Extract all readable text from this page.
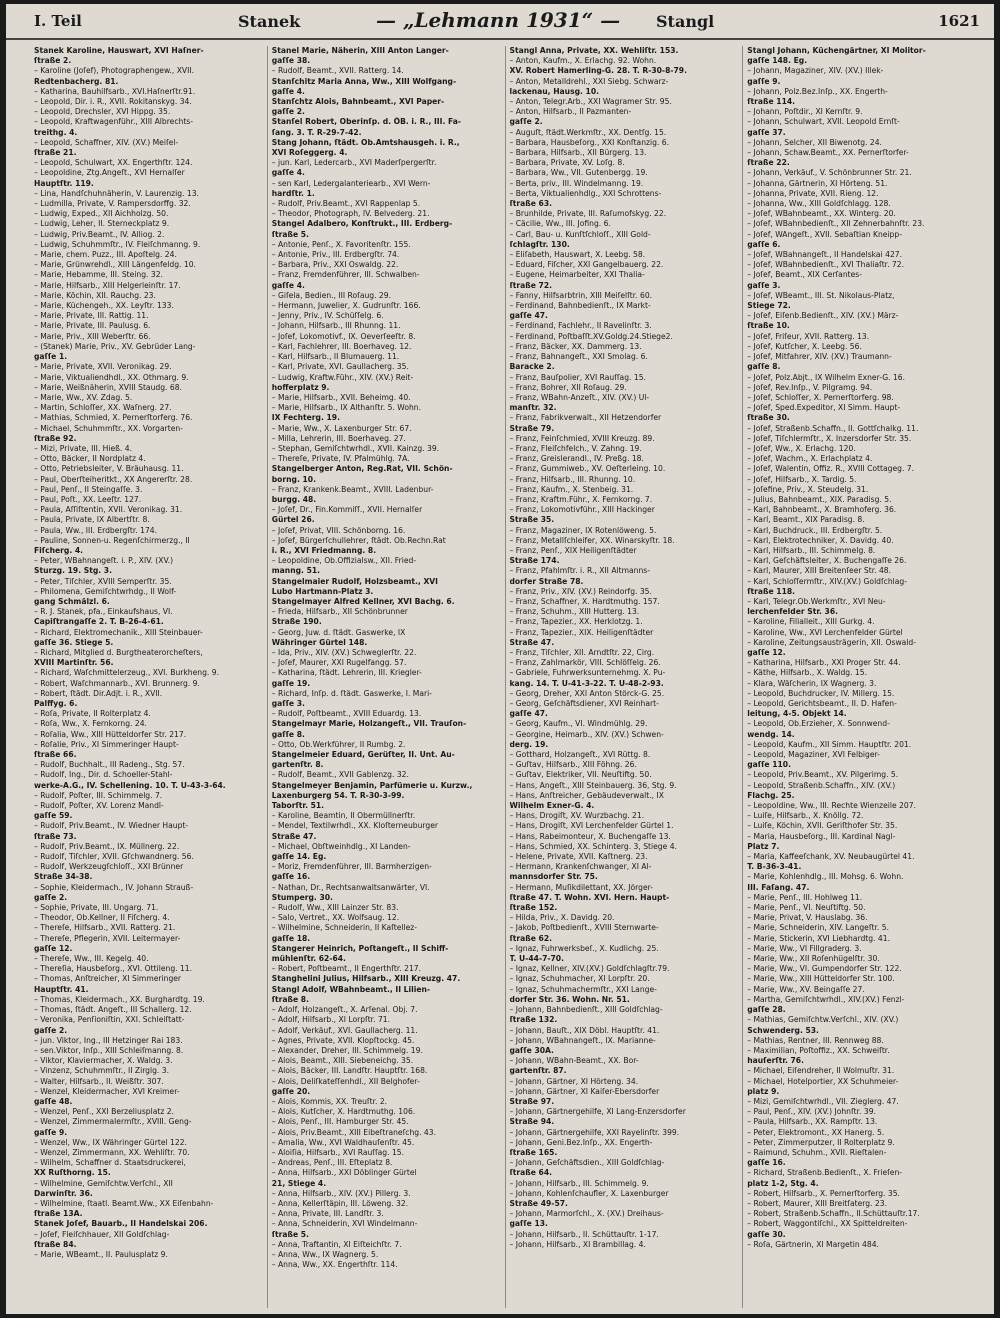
I. Teil	Stanek	— „Lehmann 1931“ — Stangl	1621
Stanek Karoline, Hauswart, XVI Haſner-
ſtraße 2.
– Karoline (Joſef), Photographengew., XVII.
Redtenbacherg. 81.
– Katharina, Bauhilfsarb., XVI.Haſnerſtr.91.
– Leopold, Dir. i. R., XVII. Rokitanskyg. 34.
– Leopold, Drechsler, XVI Hippg. 35.
– Leopold, Kraftwagenführ., XIII Albrechts-
treithg. 4.
– Leopold, Schaffner, XIV. (XV.) Meiſel-
ſtraße 21.
– Leopold, Schulwart, XX. Engerthſtr. 124.
– Leopoldine, Ztg.Angeſt., XVI Hernalſer
Hauptſtr. 119.
– Lina, Handſchuhnäherin, V. Laurenzig. 13.
– Ludmilla, Private, V. Rampersdorffg. 32.
– Ludwig, Exped., XII Aichholzg. 50.
– Ludwig, Leher, II. Sterneckplatz 9.
– Ludwig, Priv.Beamt., IV. Alliog. 2.
– Ludwig, Schuhmmſtr., IV. Fleiſchmanng. 9.
– Marie, chem. Puzz., III. Apoſtelg. 24.
– Marie, Grünwrehdl., XIII Längenfeldg. 10.
– Marie, Hebamme, III. Steing. 32.
– Marie, Hilfsarb., XIII Helgerleinſtr. 17.
– Marie, Köchin, XII. Rauchg. 23.
– Marie, Küchengeh., XX. Leyſtr. 133.
– Marie, Private, III. Rattig. 11.
– Marie, Private, III. Paulusg. 6.
– Marie, Priv., XIII Weberſtr. 66.
– (Stanek) Marie, Priv., XV. Gebrüder Lang-
gaſſe 1.
– Marie, Private, XVII. Veronikag. 29.
– Marie, Viktualiendhdl., XX. Othmarg. 9.
– Marie, Weißnäherin, XVIII Staudg. 68.
– Marie, Ww., XV. Zdag. 5.
– Martin, Schloſſer, XX. Waſnerg. 27.
– Mathias, Schmied, X. Pernerſtorferg. 76.
– Michael, Schuhmmſtr., XX. Vorgarten-
ſtraße 92.
– Mizi, Private, III. Hieß. 4.
– Otto, Bäcker, II Nordplatz 4.
– Otto, Petriebsleiter, V. Bräuhausg. 11.
– Paul, Oberſteiheritkt., XX Angererſtr. 28.
– Paul, Penſ., II Steingaſſe. 3.
– Paul, Poſt., XX. Leeſtr. 127.
– Paula, Aſſiſtentin, XVII. Veronikag. 31.
– Paula, Private, IX Albertſtr. 8.
– Paula, Ww., III. Erdbergſtr. 174.
– Pauline, Sonnen-u. Regenſchirmerzg., II
Fiſcherg. 4.
– Peter, WBahnangeſt. i. P., XIV. (XV.)
Sturzg. 19. Stg. 3.
– Peter, Tiſchler, XVIII Semperſtr. 35.
– Philomena, Gemiſchtwrhdg., II Wolf-
gang Schmälzl. 6.
– R. J. Stanek, pfa., Einkaufshaus, VI.
Capiſtrangaſſe 2. T. B-26-4-61.
– Richard, Elektromechanik., XIII Steinbauer-
gaſſe 36. Stiege 5.
– Richard, Mitglied d. Burgtheaterorcheſters,
XVIII Martinſtr. 56.
– Richard, Waſchmittelerzeug., XVI. Burkheng. 9.
– Robert, Waſchmannarb., XVI. Brunnerg. 9.
– Robert, ſtädt. Dir.Adjt. i. R., XVII.
Palffyg. 6.
– Roſa, Private, II Rolterplatz 4.
– Roſa, Ww., X. Fernkorng. 24.
– Roſalia, Ww., XIII Hütteldorfer Str. 217.
– Roſalie, Priv., XI Simmeringer Haupt-
ſtraße 66.
– Rudolf, Buchhalt., III Radeng., Stg. 57.
– Rudolf, Ing., Dir. d. Schoeller-Stahl-
werke-A.G., IV. Schellening. 10. T. U-43-3-64.
– Rudolf, Poſter, III. Schimmelg. 7.
– Rudolf, Poſter, XV. Lorenz Mandl-
gaſſe 59.
– Rudolf, Priv.Beamt., IV. Wiedner Haupt-
ſtraße 73.
– Rudolf, Priv.Beamt., IX. Müllnerg. 22.
– Rudolf, Tiſchler, XVII. Gſchwandnerg. 56.
– Rudolf, Werkzeugſchloſſ., XXI Brünner
Straße 34-38.
– Sophie, Kleidermach., IV. Johann Strauß-
gaſſe 2.
– Sophie, Private, III. Ungarg. 71.
– Theodor, Ob.Kellner, II Fiſcherg. 4.
– Thereſe, Hilfsarb., XVII. Ratterg. 21.
– Thereſe, Pflegerin, XVII. Leitermayer-
gaſſe 12.
– Thereſe, Ww., III. Kegelg. 40.
– Thereſia, Hausbeſorg., XVI. Ottileng. 11.
– Thomas, Anſtreicher, XI Simmeringer
Hauptſtr. 41.
– Thomas, Kleidermach., XX. Burghardtg. 19.
– Thomas, ſtädt. Angeſt., III Schallerg. 12.
– Veronika, Penſioniſtin, XXI. Schleiſtatt-
gaſſe 2.
– jun. Viktor, Ing., III Hetzinger Rai 183.
– sen.Viktor, Inſp., XIII Schleiſmanng. 8.
– Viktor, Klaviermacher, X. Waldg. 3.
– Vinzenz, Schuhmmſtr., II Zirglg. 3.
– Walter, Hilfsarb., II. Weißſtr. 307.
– Wenzel, Kleidermacher, XVI Kreimer-
gaſſe 48.
– Wenzel, Penſ., XXI Berzeliusplatz 2.
– Wenzel, Zimmermalermſtr., XVIII. Geng-
gaſſe 9.
– Wenzel, Ww., IX Währinger Gürtel 122.
– Wenzel, Zimmermann, XX. Wehliſtr. 70.
– Wilhelm, Schaffner d. Staatsdruckerei,
XX Ruſthorng. 15.
– Wilhelmine, Gemiſchtw.Verſchl., XII
Darwinſtr. 36.
– Wilhelmine, ſtaatl. Beamt.Ww., XX Eiſenbahn-
ſtraße 13A.
Stanek Joſef, Bauarb., II Handelskai 206.
– Joſef, Fleiſchhauer, XII Goldſchlag-
ſtraße 84.
– Marie, WBeamt., II. Paulusplatz 9.
Stanel Marie, Näherin, XIII Anton Langer-
gaſſe 38.
– Rudolf, Beamt., XVII. Ratterg. 14.
Stanſchitz Maria Anna, Ww., XIII Wolfgang-
gaſſe 4.
Stanſchtz Alois, Bahnbeamt., XVI Paper-
gaſſe 2.
Stanſel Robert, Oberinſp. d. ÖB. i. R., III. Fa-
ſang. 3. T. R-29-7-42.
Stang Johann, ſtädt. Ob.Amtshausgeh. i. R.,
XVI Roſeggerg. 4.
– jun. Karl, Ledercarb., XVI Maderſpergerſtr.
gaſſe 4.
– sen Karl, Ledergalanteriearb., XVI Wern-
hardſtr. 1.
– Rudolf, Priv.Beamt., XVI Rappenlap 5.
– Theodor, Photograph, IV. Belvederg. 21.
Stangel Adalbero, Konſtrukt., III. Erdberg-
ſtraße 5.
– Antonie, Penſ., X. Favoritenſtr. 155.
– Antonie, Priv., III. Erdbergſtr. 74.
– Barbara, Priv., XXI Oswaldg. 22.
– Franz, Fremdenführer, III. Schwalben-
gaſſe 4.
– Giſela, Bedien., III Roſaug. 29.
– Hermann, Juwelier, X. Gudrunſtr. 166.
– Jenny, Priv., IV. Schüſſelg. 6.
– Johann, Hilfsarb., III Rhunng. 11.
– Joſef, Lokomotivf., IX. Oeverſeeſtr. 8.
– Karl, Fachlehrer, III. Boerhaveg. 12.
– Karl, Hilfsarb., II Blumauerg. 11.
– Karl, Private, XVI. Gaullacherg. 35.
– Ludwig, Kraftw.Führ., XIV. (XV.) Reit-
hofferplatz 9.
– Marie, Hilfsarb., XVII. Beheimg. 40.
– Marie, Hilfsarb., IX Althanſtr. 5. Wohn.
IX Fechterg. 19.
– Marie, Ww., X. Laxenburger Str. 67.
– Milla, Lehrerin, III. Boerhaveg. 27.
– Stephan, Gemiſchtwrhdl., XVII. Kainzg. 39.
– Thereſe, Private, IV. Pfalmühlg. 7A.
Stangelberger Anton, Reg.Rat, VII. Schön-
borng. 10.
– Franz, Krankenk.Beamt., XVIII. Ladenbur-
burgg. 48.
– Joſef, Dr., Fin.Kommiſſ., XVII. Hernalſer
Gürtel 26.
– Joſef, Privat, VIII. Schönborng. 16.
– Joſef, Bürgerſchullehrer, ſtädt. Ob.Rechn.Rat
i. R., XVI Friedmanng. 8.
– Leopoldine, Ob.Offizialsw., XII. Fried-
manng. 51.
Stangelmaier Rudolf, Holzsbeamt., XVI
Lubo Hartmann-Platz 3.
Stangelmayer Alfred Kellner, XVI Bachg. 6.
– Frieda, Hilfsarb., XII Schönbrunner
Straße 190.
– Georg, Juw. d. ſtädt. Gaswerke, IX
Währinger Gürtel 148.
– Ida, Priv., XIV. (XV.) Schweglerſtr. 22.
– Joſef, Maurer, XXI Rugelfangg. 57.
– Katharina, ſtädt. Lehrerin, III. Kriegler-
gaſſe 19.
– Richard, Inſp. d. ſtädt. Gaswerke, I. Mari-
gaſſe 3.
– Rudolf, Poſtbeamt., XVIII Eduardg. 13.
Stangelmayr Marie, Holzangeſt., VII. Trauſon-
gaſſe 8.
– Otto, Ob.Werkführer, II Rumbg. 2.
Stangelmeier Eduard, Gerüſter, II. Unt. Au-
gartenſtr. 8.
– Rudolf, Beamt., XVII Gablenzg. 32.
Stangelmeyer Benjamin, Parfümerie u. Kurzw.,
Laxenburgerg 54. T. R-30-3-99.
Taborſtr. 51.
– Karoline, Beamtin, II Obermüllnerſtr.
– Mendel, Textilwrhdl., XX. Kloſterneuburger
Straße 47.
– Michael, Obſtweinhdlg., XI Landen-
gaſſe 14. Eg.
– Moriz, Fremdenführer, III. Barmherzigen-
gaſſe 16.
– Nathan, Dr., Rechtsanwaltsanwärter, VI.
Stumperg. 30.
– Rudolf, Ww., XIII Lainzer Str. 83.
– Salo, Vertret., XX. Wolfsaug. 12.
– Wilhelmine, Schneiderin, II Kaſtellez-
gaſſe 18.
Stangerer Heinrich, Poſtangeſt., II Schiff-
mühlenſtr. 62-64.
– Robert, Poſtbeamt., II Engerthſtr. 217.
Stanghelini Julius, Hilfsarb., XIII Kreuzg. 47.
Stangl Adolf, WBahnbeamt., II Lilien-
ſtraße 8.
– Adolf, Holzangeſt., X. Arſenal. Obj. 7.
– Adolf, Hilfsarb., XI Lorpſtr. 71.
– Adolf, Verkäuf., XVI. Gaullacherg. 11.
– Agnes, Private, XVII. Klopſtockg. 45.
– Alexander, Dreher, III. Schimmelg. 19.
– Alois, Beamt., XIII. Siebeneichg. 35.
– Alois, Bäcker, III. Landſtr. Hauptſtr. 168.
– Alois, Deliſkateſſenhdl., XII Belghofer-
gaſſe 20.
– Alois, Kommis, XX. Treuſtr. 2.
– Alois, Kutſcher, X. Hardtmuthg. 106.
– Alois, Penſ., III. Hamburger Str. 45.
– Alois, Priv.Beamt., XIII Eibeſtraneſchg. 43.
– Amalia, Ww., XVI Waldhauſenſtr. 45.
– Aloiſia, Hilfsarb., XVI Rauſſag. 15.
– Andreas, Penſ., III. Eſteplatz 8.
– Anna, Hilfsarb., XXI Döblinger Gürtel
21, Stiege 4.
– Anna, Hilfsarb., XIV. (XV.) Pillerg. 3.
– Anna, Kellerſtäpin, III. Löweng. 32.
– Anna, Private, III. Landſtr. 3.
– Anna, Schneiderin, XVI Windelmann-
ſtraße 5.
– Anna, Traftantin, XI Eiſteichſtr. 7.
– Anna, Ww., IX Wagnerg. 5.
– Anna, Ww., XX. Engerthſtr. 114.
Stangl Anna, Private, XX. Wehliſtr. 153.
– Anton, Kaufm., X. Erlachg. 92. Wohn.
XV. Robert Hamerling-G. 28. T. R-30-8-79.
– Anton, Metalldrehl., XXI Siebg. Schwarz-
lackenau, Hausg. 10.
– Anton, Telegr.Arb., XXI Wagramer Str. 95.
– Anton, Hilfsarb., II Pazmanten-
gaſſe 2.
– Auguſt, ſtädt.Werkmſtr., XX. Dentſg. 15.
– Barbara, Hausbeſorg., XXI Konſtanzig. 6.
– Barbara, Hilfsarb., XII Bürgerg. 13.
– Barbara, Private, XV. Loſg. 8.
– Barbara, Ww., VII. Gutenbergg. 19.
– Berta, priv., III. Windelmanng. 19.
– Berta, Viktualienhdlg., XXI Schrottens-
ſtraße 63.
– Brunhilde, Private, III. Raſumofskyg. 22.
– Cäcilie, Ww., III. Jofing. 6.
– Carl, Bau- u. Kunſtſchloſſ., XIII Gold-
ſchlagſtr. 130.
– Eliſabeth, Hauswart, X. Leebg. 58.
– Eduard, Fiſcher, XXI Gangelbauerg. 22.
– Eugene, Heimarbeiter, XXI Thalia-
ſtraße 72.
– Fanny, Hilfsarbtrin, XIII Meiſelſtr. 60.
– Ferdinand, Bahnbedienſt., IX Markt-
gaſſe 47.
– Ferdinand, Fachlehr., II Ravelinſtr. 3.
– Ferdinand, Poſtbaſſt.XV.Goldg.24.Stiege2.
– Franz, Bäcker, XX. Dammerg. 13.
– Franz, Bahnangeſt., XXI Smolag. 6.
Baracke 2.
– Franz, Bauſpolier, XVI Rauſſag. 15.
– Franz, Bohrer, XII Roſaug. 29.
– Franz, WBahn-Anzeſt., XIV. (XV.) Ul-
manſtr. 32.
– Franz, Fabrikverwalt., XII Hetzendorfer
Straße 79.
– Franz, Feinſchmied, XVIII Kreuzg. 89.
– Franz, Fleiſchfelch., V. Zahng. 19.
– Franz, Greislerandl., IV. Preßg. 18.
– Franz, Gummiweb., XV. Oeſterleing. 10.
– Franz, Hilfsarb., III. Rhunng. 10.
– Franz, Kaufm., X. Stenbeig. 31.
– Franz, Kraftm.Führ., X. Fernkorng. 7.
– Franz, Lokomotivführ., XIII Hackinger
Straße 35.
– Franz, Magaziner, IX Rotenlöweng. 5.
– Franz, Metallſchleifer, XX. Winarskyſtr. 18.
– Franz, Penſ., XIX Heiligenſtädter
Straße 174.
– Franz, Pfahlmſtr. i. R., XII Altmanns-
dorfer Straße 78.
– Franz, Priv., XIV. (XV.) Reindorfg. 35.
– Franz, Schaffner, X. Hardtmuthg. 157.
– Franz, Schuhm., XIII Hutterg. 13.
– Franz, Tapezier., XX. Herklotzg. 1.
– Franz, Tapezier., XIX. Heiligenſtädter
Straße 47.
– Franz, Tiſchler, XII. Arndtſtr. 22, Cirg.
– Franz, Zahlmarkör, VIII. Schlöſſelg. 26.
– Gabriele, Fuhrwerksunternehmg. X. Pu-
kang. 14. T. U-41-3-22. T. U-48-2-93.
– Georg, Dreher, XXI Anton Störck-G. 25.
– Georg, Geſchäftsdiener, XVI Reinhart-
gaſſe 47.
– Georg, Kaufm., VI. Windmühlg. 29.
– Georgine, Heimarb., XIV. (XV.) Schwen-
derg. 19.
– Gotthard, Holzangeſt., XVI Rüttg. 8.
– Guſtav, Hilfsarb., XIII Föhng. 26.
– Guſtav, Elektriker, VII. Neuſtiftg. 50.
– Hans, Angeſt., XIII Steinbauerg. 36, Stg. 9.
– Hans, Anſtreicher, Gebäudeverwalt., IX
Wilhelm Exner-G. 4.
– Hans, Drogiſt, XV. Wurzbachg. 21.
– Hans, Drogiſt, XVI Lerchenfelder Gürtel 1.
– Hans, Rabeimonteur, X. Buchengaſſe 13.
– Hans, Schmied, XX. Schinterg. 3, Stiege 4.
– Helene, Private, XVII. Kaſtnerg. 23.
– Hermann, Krankenſchwanger, XI Al-
mannsdorfer Str. 75.
– Hermann, Muſikdilettant, XX. Jörger-
ſtraße 47. T. Wohn. XVI. Hern. Haupt-
ſtraße 152.
– Hilda, Priv., X. Davidg. 20.
– Jakob, Poſtbedienſt., XVIII Sternwarte-
ſtraße 62.
– Ignaz, Fuhrwerksbeſ., X. Kudlichg. 25.
T. U-44-7-70.
– Ignaz, Kellner, XIV.(XV.) Goldſchlagſtr.79.
– Ignaz, Schuhmacher, XI Lorpſtr. 20.
– Ignaz, Schuhmachermſtr., XXI Lange-
dorfer Str. 36. Wohn. Nr. 51.
– Johann, Bahnbedienſt., XIII Goldſchlag-
ſtraße 132.
– Johann, Bauſt., XIX Döbl. Hauptſtr. 41.
– Johann, WBahnangeſt., IX. Marianne-
gaſſe 30A.
– Johann, WBahn-Beamt., XX. Bor-
gartenſtr. 87.
– Johann, Gärtner, XI Hörteng. 34.
– Johann, Gärtner, XI Kaiſer-Ebersdorfer
Straße 97.
– Johann, Gärtnergehilfe, XI Lang-Enzersdorfer
Straße 94.
– Johann, Gärtnergehilfe, XXI Rayelinſtr. 399.
– Johann, Geni.Bez.Inſp., XX. Engerth-
ſtraße 165.
– Johann, Geſchäftsdien., XIII Goldſchlag-
ſtraße 64.
– Johann, Hilfsarb., III. Schimmelg. 9.
– Johann, Kohlenſchaufler, X. Laxenburger
Straße 49-57.
– Johann, Marmorſchl., X. (XV.) Dreihaus-
gaſſe 13.
– Johann, Hilfsarb., II. Schüttauſtr. 1-17.
– Johann, Hilfsarb., XI Brambillag. 4.
Stangl Johann, Küchengärtner, XI Molitor-
gaſſe 148. Eg.
– Johann, Magaziner, XIV. (XV.) Illek-
gaſſe 9.
– Johann, Polz.Bez.Inſp., XX. Engerth-
ſtraße 114.
– Johann, Poſtdir., XI Kernſtr. 9.
– Johann, Schulwart, XVII. Leopold Ernſt-
gaſſe 37.
– Johann, Selcher, XII Biwenotg. 24.
– Johann, Schaw.Beamt., XX. Pernerſtorfer-
ſtraße 22.
– Johann, Verkäuf., V. Schönbrunner Str. 21.
– Johanna, Gärtnerin, XI Hörteng. 51.
– Johanna, Private, XVII. Rieng. 12.
– Johanna, Ww., XIII Goldſchlagg. 128.
– Joſef, WBahnbeamt., XX. Winterg. 20.
– Joſef, WBahnbedienſt., XII Zehnerbahnſtr. 23.
– Joſef, WAngeſt., XVII. Sebaſtian Kneipp-
gaſſe 6.
– Joſef, WBahnangeſt., II Handelskai 427.
– Joſef, WBahnbedienſt., XVI Thaliaſtr. 72.
– Joſef, Beamt., XIX Cerſantes-
gaſſe 3.
– Joſef, WBeamt., III. St. Nikolaus-Platz,
Stiege 72.
– Joſef, Eiſenb.Bedienſt., XIV. (XV.) März-
ſtraße 10.
– Joſef, Friſeur, XVII. Ratterg. 13.
– Joſef, Kutſcher, X. Leebg. 56.
– Joſef, Mitfahrer, XIV. (XV.) Traumann-
gaſſe 8.
– Joſef, Polz.Abjt., IX Wilhelm Exner-G. 16.
– Joſef, Rev.Inſp., V. Pilgramg. 94.
– Joſef, Schloſſer, X. Pernerſtorferg. 98.
– Joſef, Sped.Expeditor, XI Simm. Haupt-
ſtraße 30.
– Joſef, Straßenb.Schaffn., II. Gottſchalkg. 11.
– Joſef, Tiſchlermſtr., X. Inzersdorfer Str. 35.
– Joſef, Ww., X. Erlachg. 120.
– Joſef, Wachm., X. Erlachplatz 4.
– Joſef, Walentin, Offiz. R., XVIII Cottageg. 7.
– Joſef, Hilfsarb., X. Tardig. 5.
– Joſefine, Priv., X. Steudelg. 31.
– Julius, Bahnbeamt., XIX. Paradisg. 5.
– Karl, Bahnbeamt., X. Bramhoferg. 36.
– Karl, Beamt., XIX Paradisg. 8.
– Karl, Buchdruck., III. Erdbergſtr. 5.
– Karl, Elektrotechniker, X. Davidg. 40.
– Karl, Hilfsarb., III. Schimmelg. 8.
– Karl, Geſchäftsleiter, X. Buchengaſſe 26.
– Karl, Maurer, XIII Breitenſeer Str. 48.
– Karl, Schloſſermſtr., XIV.(XV.) Goldſchlag-
ſtraße 118.
– Karl, Telegr.Ob.Werkmſtr., XVI Neu-
lerchenfelder Str. 36.
– Karoline, Filialleit., XIII Gurkg. 4.
– Karoline, Ww., XVI Lerchenfelder Gürtel
– Karoline, Zeitungsausträgerin, XII. Oswald-
gaſſe 12.
– Katharina, Hilfsarb., XXI Proger Str. 44.
– Käthe, Hilfsarb., X. Waldg. 15.
– Klara, Wäſcherin, IX Wagnerg. 3.
– Leopold, Buchdrucker, IV. Millerg. 15.
– Leopold, Gerichtsbeamt., II. D. Hafen-
leitung, 4-5. Objekt 14.
– Leopold, Ob.Erzieher, X. Sonnwend-
wendg. 14.
– Leopold, Kaufm., XII Simm. Hauptſtr. 201.
– Leopold, Magaziner, XVI Felbiger-
gaſſe 110.
– Leopold, Priv.Beamt., XV. Pilgerimg. 5.
– Leopold, Straßenb.Schaffn., XIV. (XV.)
Flachg. 25.
– Leopoldine, Ww., III. Rechte Wienzeile 207.
– Luiſe, Hilfsarb., X. Knöllg. 72.
– Luiſe, Köchin, XVII. Geriſthofer Str. 35.
– Maria, Hausbeſorg., III. Kardinal Nagl-
Platz 7.
– Maria, Kaffeeſchank, XV. Neubaugürtel 41.
T. B-36-3-41.
– Marie, Kohlenhdlg., III. Mohsg. 6. Wohn.
III. Faſang. 47.
– Marie, Penſ., III. Hohlweg 11.
– Marie, Penſ., VI. Neuſtiftg. 50.
– Marie, Privat, V. Hauslabg. 36.
– Marie, Schneiderin, XIV. Langeſtr. 5.
– Marie, Stickerin, XVI Liebhardtg. 41.
– Marie, Ww., VI Fillgraderg. 3.
– Marie, Ww., XII Roſenhügelſtr. 30.
– Marie, Ww., VI. Gumpendorfer Str. 122.
– Marie, Ww., XIII Hütteldorfer Str. 100.
– Marie, Ww., XV. Beingaſſe 27.
– Martha, Gemiſchtwrhdl., XIV.(XV.) Fenzl-
gaſſe 28.
– Mathias, Gemiſchtw.Verſchl., XIV. (XV.)
Schwenderg. 53.
– Mathias, Rentner, III. Rennweg 88.
– Maximilian, Poſtoffiz., XX. Schweiſtr.
hauſerſtr. 76.
– Michael, Eiſendreher, II Wolmuſtr. 31.
– Michael, Hotelportier, XX Schuhmeier-
platz 9.
– Mizi, Gemiſchtwrhdl., VII. Zieglerg. 47.
– Paul, Penſ., XIV. (XV.) Johnſtr. 39.
– Paula, Hilfsarb., XX. Rampſtr. 13.
– Peter, Elektromont., XX Hanerg. 5.
– Peter, Zimmerputzer, II Rolterplatz 9.
– Raimund, Schuhm., XVII. Rieſtalen-
gaſſe 16.
– Richard, Straßenb.Bedienſt., X. Frieſen-
platz 1-2, Stg. 4.
– Robert, Hilfsarb., X. Pernerſtorferg. 35.
– Robert, Maurer, XIII Breitſaterg. 23.
– Robert, Straßenb.Schaffn., II.Schüttauſtr.17.
– Robert, Waggontiſchl., XX Spitteldreiten-
gaſſe 30.
– Roſa, Gärtnerin, XI Margetin 484.
